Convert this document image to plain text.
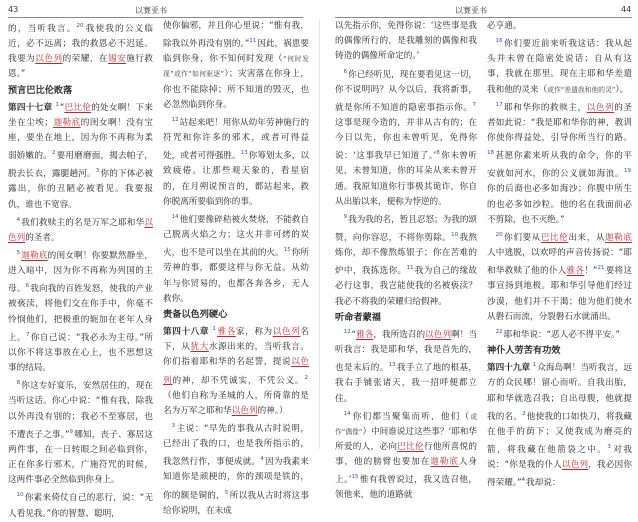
43	以赛亚书	以赛亚书	44

的，当听我言。$^{20}$我使我的公义临近，必不远离；我的救恩必不迟延。我要为以色列的荣耀，在锡安施行救恩。”

预言巴比伦败落

第四十七章 $^1$“巴比伦的处女啊！下来坐在尘埃；迦勒底的闺女啊！没有宝座，要坐在地上，因为你不再称为柔弱娇嫩的。$^2$要用磨磨面，揭去帕子，脱去长衣，露腿趟河。$^3$你的下体必被露出，你的丑陋必被看见。我要报仇，谁也不宽容。

 $^4$我们救赎主的名是万军之耶和华以色列的圣者。

 $^5$迦勒底的闺女啊！你要默然静坐，进入暗中，因为你不再称为列国的主母。$^6$我向我的百姓发怒，使我的产业被亵渎，将他们交在你手中，你毫不怜悯他们，把极重的轭加在老年人身上。$^7$你自己说：“我必永为主母。”所以你不将这事放在心上，也不思想这事的结局。

 $^8$你这专好宴乐，安然居住的，现在当听这话。你心中说：“惟有我，除我以外再没有别的；我必不至寡居，也不遭丧子之事。”$^9$哪知，丧子、寡居这两件事，在一日转眼之间必临到你，正在你多行邪术，广施符咒的时候，这两件事必全然临到你身上。

 $^{10}$你素来倚仗自己的恶行，说：“无人看见我。”你的智慧、聪明，

使你偏邪，并且你心里说：“惟有我，除我以外再没有别的。”$^{11}$因此，祸患要临到你身，你不知何时发现（“何时发现”或作“如何驱逐”）；灾害落在你身上，你也不能除掉；所不知道的毁灭，也必忽然临到你身。

 $^{12}$站起来吧！用你从幼年劳神施行的符咒和你许多的邪术，或者可得益处，或者可得强胜。$^{13}$你筹划太多，以致疲倦。让那些观天象的，看星宿的，在月朔说预言的，都站起来，救你脱离所要临到你的事。

 $^{14}$他们要像碎秸被火焚烧，不能救自己脱离火焰之力；这火并非可烤的炭火，也不是可以坐在其前的火。$^{15}$你所劳神的事，都要这样与你无益。从幼年与你贸易的，也都各奔各乡，无人救你。

责备以色列硬心

第四十八章 $^1$雅各家，称为以色列名下，从犹大水源出来的，当听我言。你们指着耶和华的名起誓，提说以色列的神，却不凭诚实，不凭公义。$^2$（他们自称为圣城的人，所倚靠的是名为万军之耶和华以色列的神。）

 $^3$主说：“早先的事我从古时说明，已经出了我的口，也是我所指示的，我忽然行作，事便成就。$^4$因为我素来知道你是顽梗的，你的颈项是铁的，你的额是铜的，$^5$所以我从古时将这事给你说明，在未成

以先指示你，免得你说：‘这些事是我的偶像所行的，是我雕刻的偶像和我铸造的偶像所命定的。’

 $^6$你已经听见，现在要看见这一切，你不说明吗？从今以后，我将新事，就是你所不知道的隐密事指示你。$^7$这事是现今造的，并非从古有的；在今日以先，你也未曾听见，免得你说：‘这事我早已知道了。’$^8$你未曾听见，未曾知道，你的耳朵从来未曾开通。我原知道你行事极其诡诈，你自从出胎以来，便称为悖逆的。

 $^9$我为我的名，暂且忍怒；为我的颂赞，向你容忍，不将你剪除。$^{10}$我熬炼你，却不像熬炼银子；你在苦难的炉中，我拣选你。$^{11}$我为自己的缘故必行这事，我岂能使我的名被亵渎？我必不将我的荣耀归给假神。

听命者蒙福

 $^{12}$“雅各，我所选召的以色列啊！当听我言：我是耶和华，我是首先的，也是末后的。$^{13}$我手立了地的根基，我右手铺张诸天，我一招呼便都立住。

 $^{14}$你们都当聚集而听，他们（或作“偶像”）中间谁说过这些事？‘耶和华所爱的人，必向巴比伦行他所喜悦的事，他的膀臂也要加在迦勒底人身上。’$^{15}$惟有我曾说过，我又选召他，领他来，他的道路就

必亨通。

 $^{16}$你们要近前来听我这话：我从起头并未曾在隐密处说话；自从有这事，我就在那里。现在主耶和华差遣我和他的灵来（或作“差遣我和他的灵”）。

 $^{17}$耶和华你的救赎主，以色列的圣者如此说：“我是耶和华你的神，教训你使你得益处，引导你所当行的路。$^{18}$甚愿你素来听从我的命令，你的平安就如河水，你的公义就如海浪。$^{19}$你的后裔也必多如海沙；你腹中所生的也必多如沙粒。他的名在我面前必不剪除，也不灭绝。”

 $^{20}$你们要从巴比伦出来，从迦勒底人中逃脱，以欢呼的声音传扬说：“耶和华救赎了他的仆人雅各！”$^{21}$要将这事宣扬到地极。耶和华引导他们经过沙漠，他们并不干渴；他为他们使水从磐石而流，分裂磐石水就涌出。

 $^{22}$耶和华说：“恶人必不得平安。”

神仆人劳苦有功效

第四十九章 $^1$众海岛啊！当听我言，远方的众民哪！留心而听。自我出胎，耶和华就选召我；自出母腹，他就提我的名。$^2$他使我的口如快刀，将我藏在他手的荫下；又使我成为磨亮的箭，将我藏在他箭袋之中。$^3$对我说：“你是我的仆人以色列，我必因你得荣耀。”$^4$我却说：
